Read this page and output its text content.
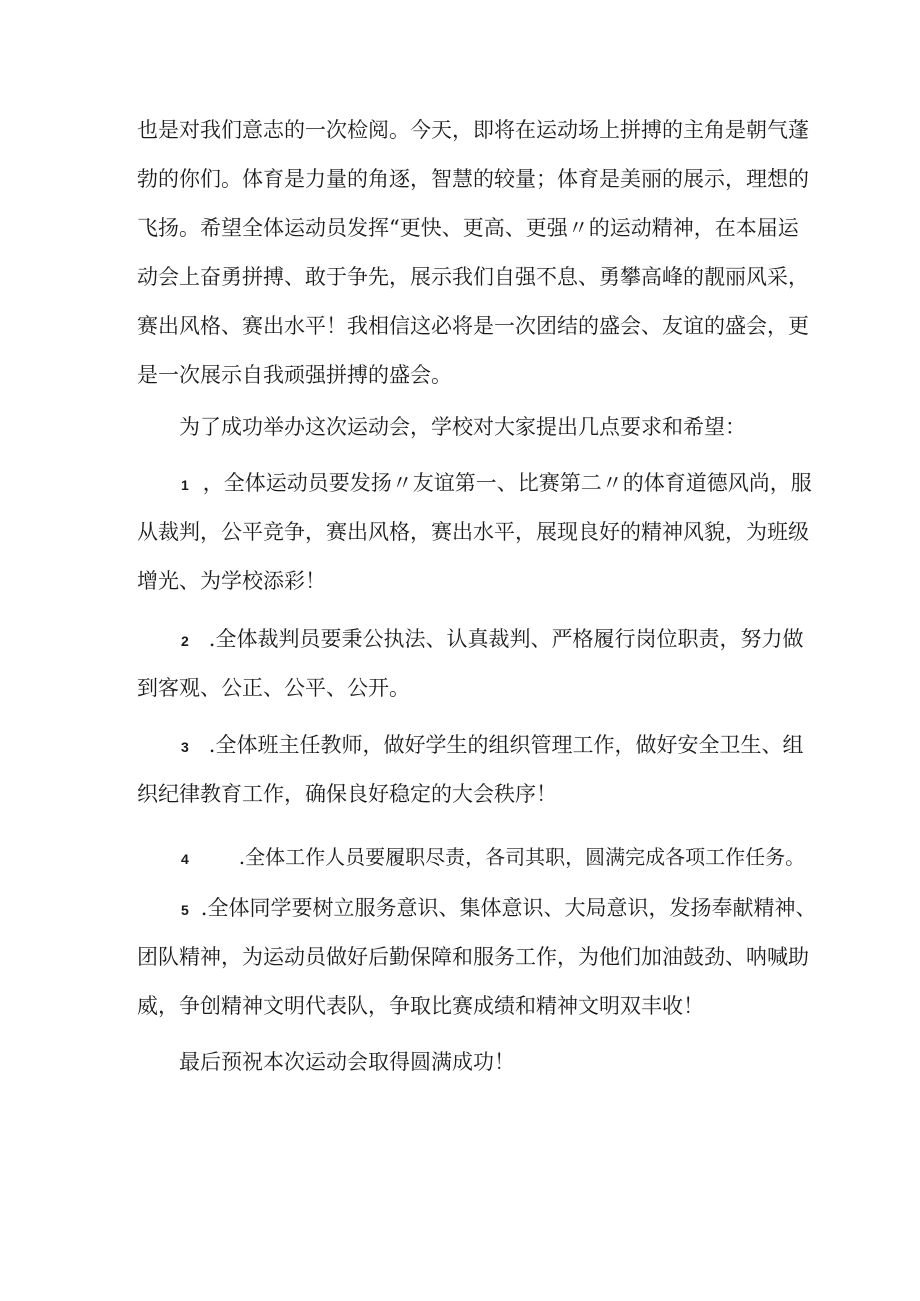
也是对我们意志的一次检阅。今天，即将在运动场上拼搏的主角是朝气蓬
勃的你们。体育是力量的角逐，智慧的较量；体育是美丽的展示，理想的
飞扬。希望全体运动员发挥“更快、更高、更强〃的运动精神，在本届运
动会上奋勇拼搏、敢于争先，展示我们自强不息、勇攀高峰的靓丽风采，
赛出风格、赛出水平！我相信这必将是一次团结的盛会、友谊的盛会，更
是一次展示自我顽强拼搏的盛会。
为了成功举办这次运动会，学校对大家提出几点要求和希望：
1 ，全体运动员要发扬〃友谊第一、比赛第二〃的体育道德风尚，服
从裁判，公平竞争，赛出风格，赛出水平，展现良好的精神风貌，为班级
增光、为学校添彩！
2 .全体裁判员要秉公执法、认真裁判、严格履行岗位职责，努力做
到客观、公正、公平、公开。
3 .全体班主任教师，做好学生的组织管理工作，做好安全卫生、组
织纪律教育工作，确保良好稳定的大会秩序！
4	.全体工作人员要履职尽责，各司其职，圆满完成各项工作任务。
5 .全体同学要树立服务意识、集体意识、大局意识，发扬奉献精神、
团队精神，为运动员做好后勤保障和服务工作，为他们加油鼓劲、呐喊助
威，争创精神文明代表队，争取比赛成绩和精神文明双丰收！
最后预祝本次运动会取得圆满成功！
